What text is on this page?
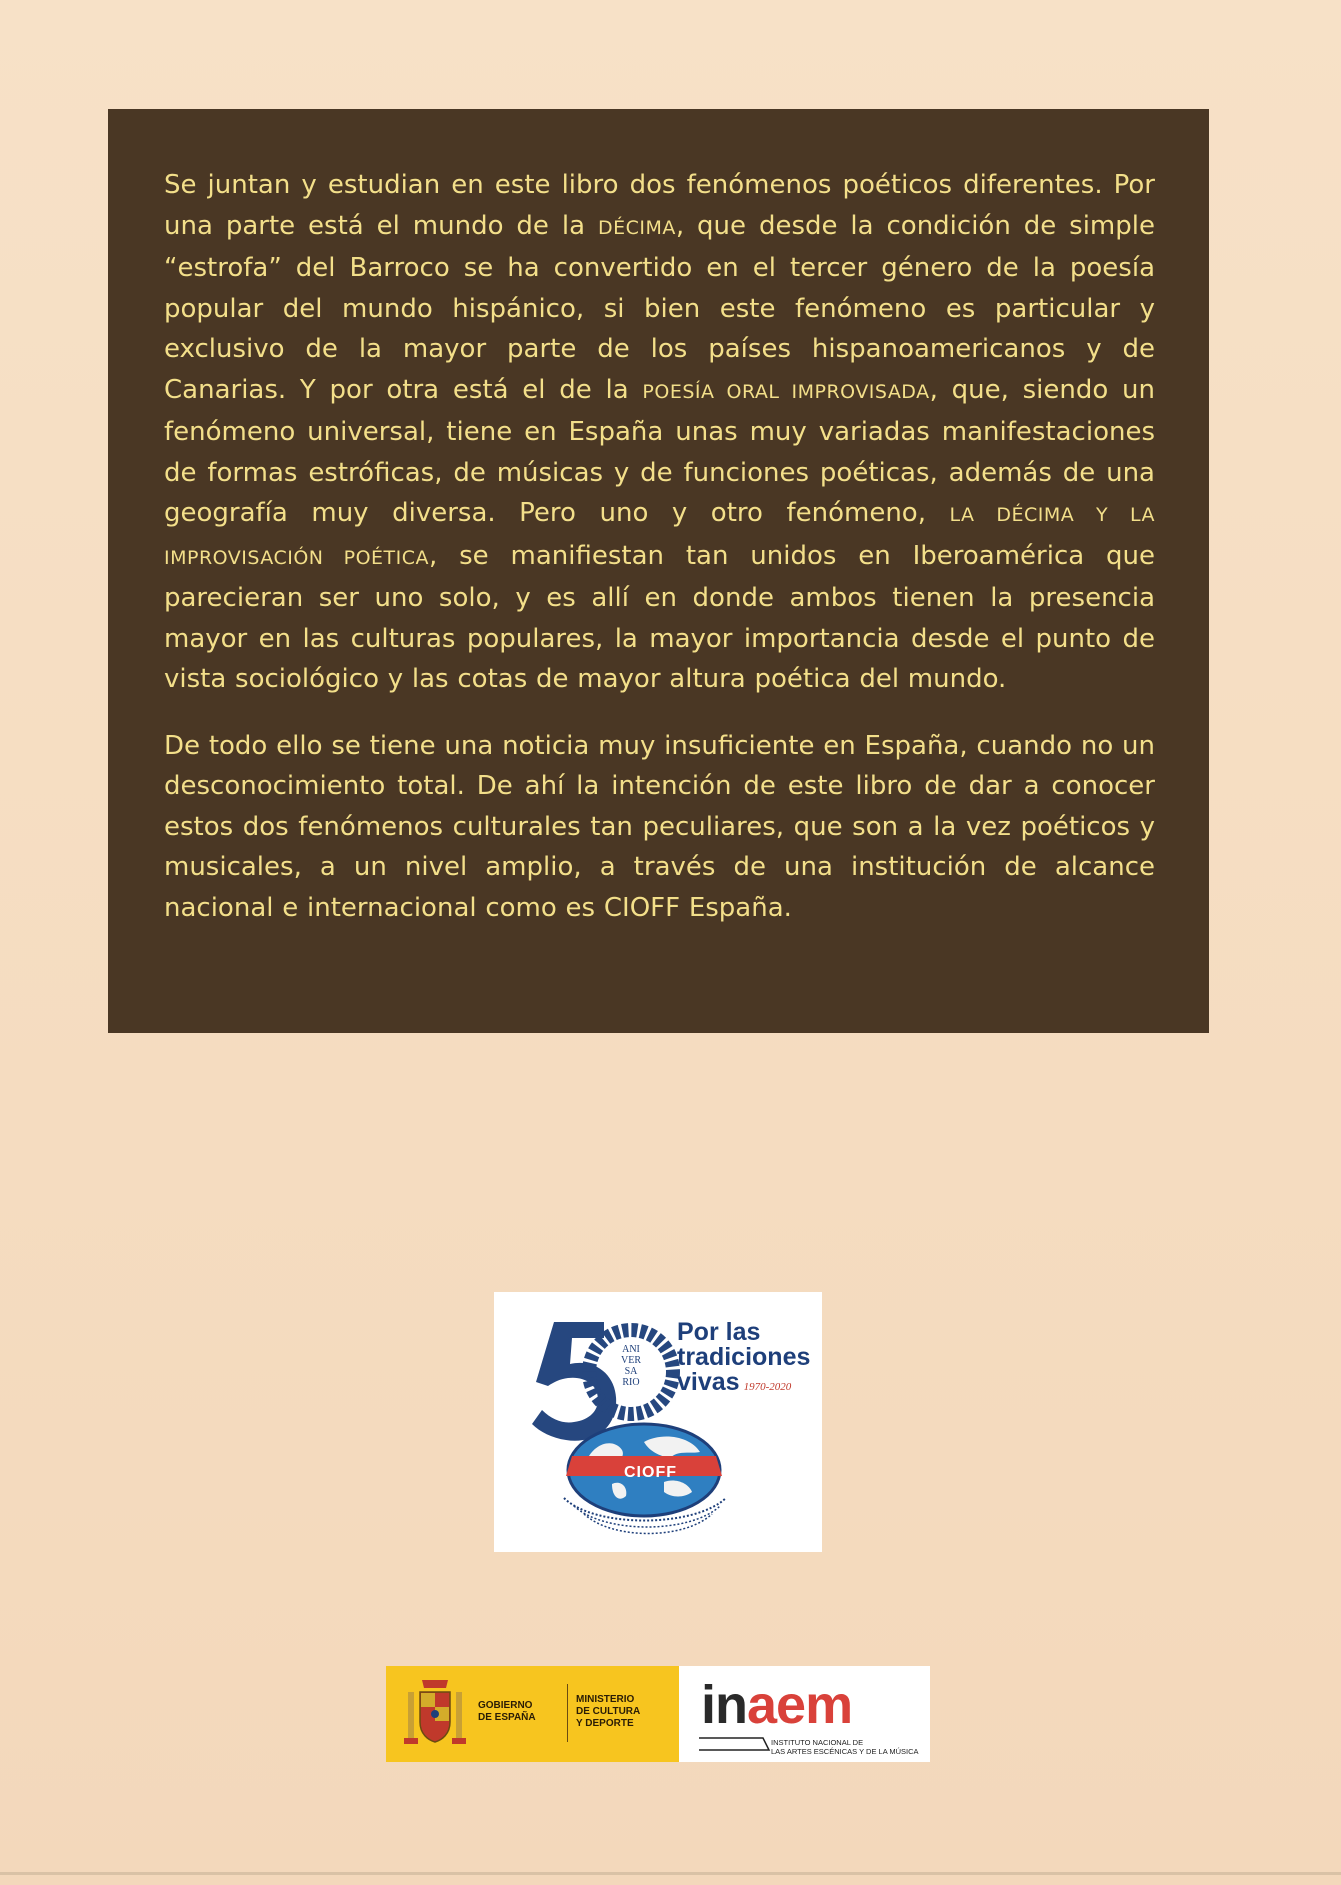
Se juntan y estudian en este libro dos fenómenos poéticos diferentes. Por una parte está el mundo de la DÉCIMA, que desde la condición de simple “estrofa” del Barroco se ha convertido en el tercer género de la poesía popular del mundo hispánico, si bien este fenómeno es particular y exclusivo de la mayor parte de los países hispanoamericanos y de Canarias. Y por otra está el de la POESÍA ORAL IMPROVISADA, que, siendo un fenómeno universal, tiene en España unas muy variadas manifestaciones de formas estróficas, de músicas y de funciones poéticas, además de una geografía muy diversa. Pero uno y otro fenómeno, LA DÉCIMA Y LA IMPROVISACIÓN POÉTICA, se manifiestan tan unidos en Iberoamérica que parecieran ser uno solo, y es allí en donde ambos tienen la presencia mayor en las culturas populares, la mayor importancia desde el punto de vista sociológico y las cotas de mayor altura poética del mundo.

De todo ello se tiene una noticia muy insuficiente en España, cuando no un desconocimiento total. De ahí la intención de este libro de dar a conocer estos dos fenómenos culturales tan peculiares, que son a la vez poéticos y musicales, a un nivel amplio, a través de una institución de alcance nacional e internacional como es CIOFF España.

ANI
VER
SA
RIO
Por las
tradiciones
vivas 1970-2020
CIOFF
GOBIERNO
DE ESPAÑA
MINISTERIO
DE CULTURA
Y DEPORTE inaem
INSTITUTO NACIONAL DE
LAS ARTES ESCÉNICAS Y DE LA MÚSICA
